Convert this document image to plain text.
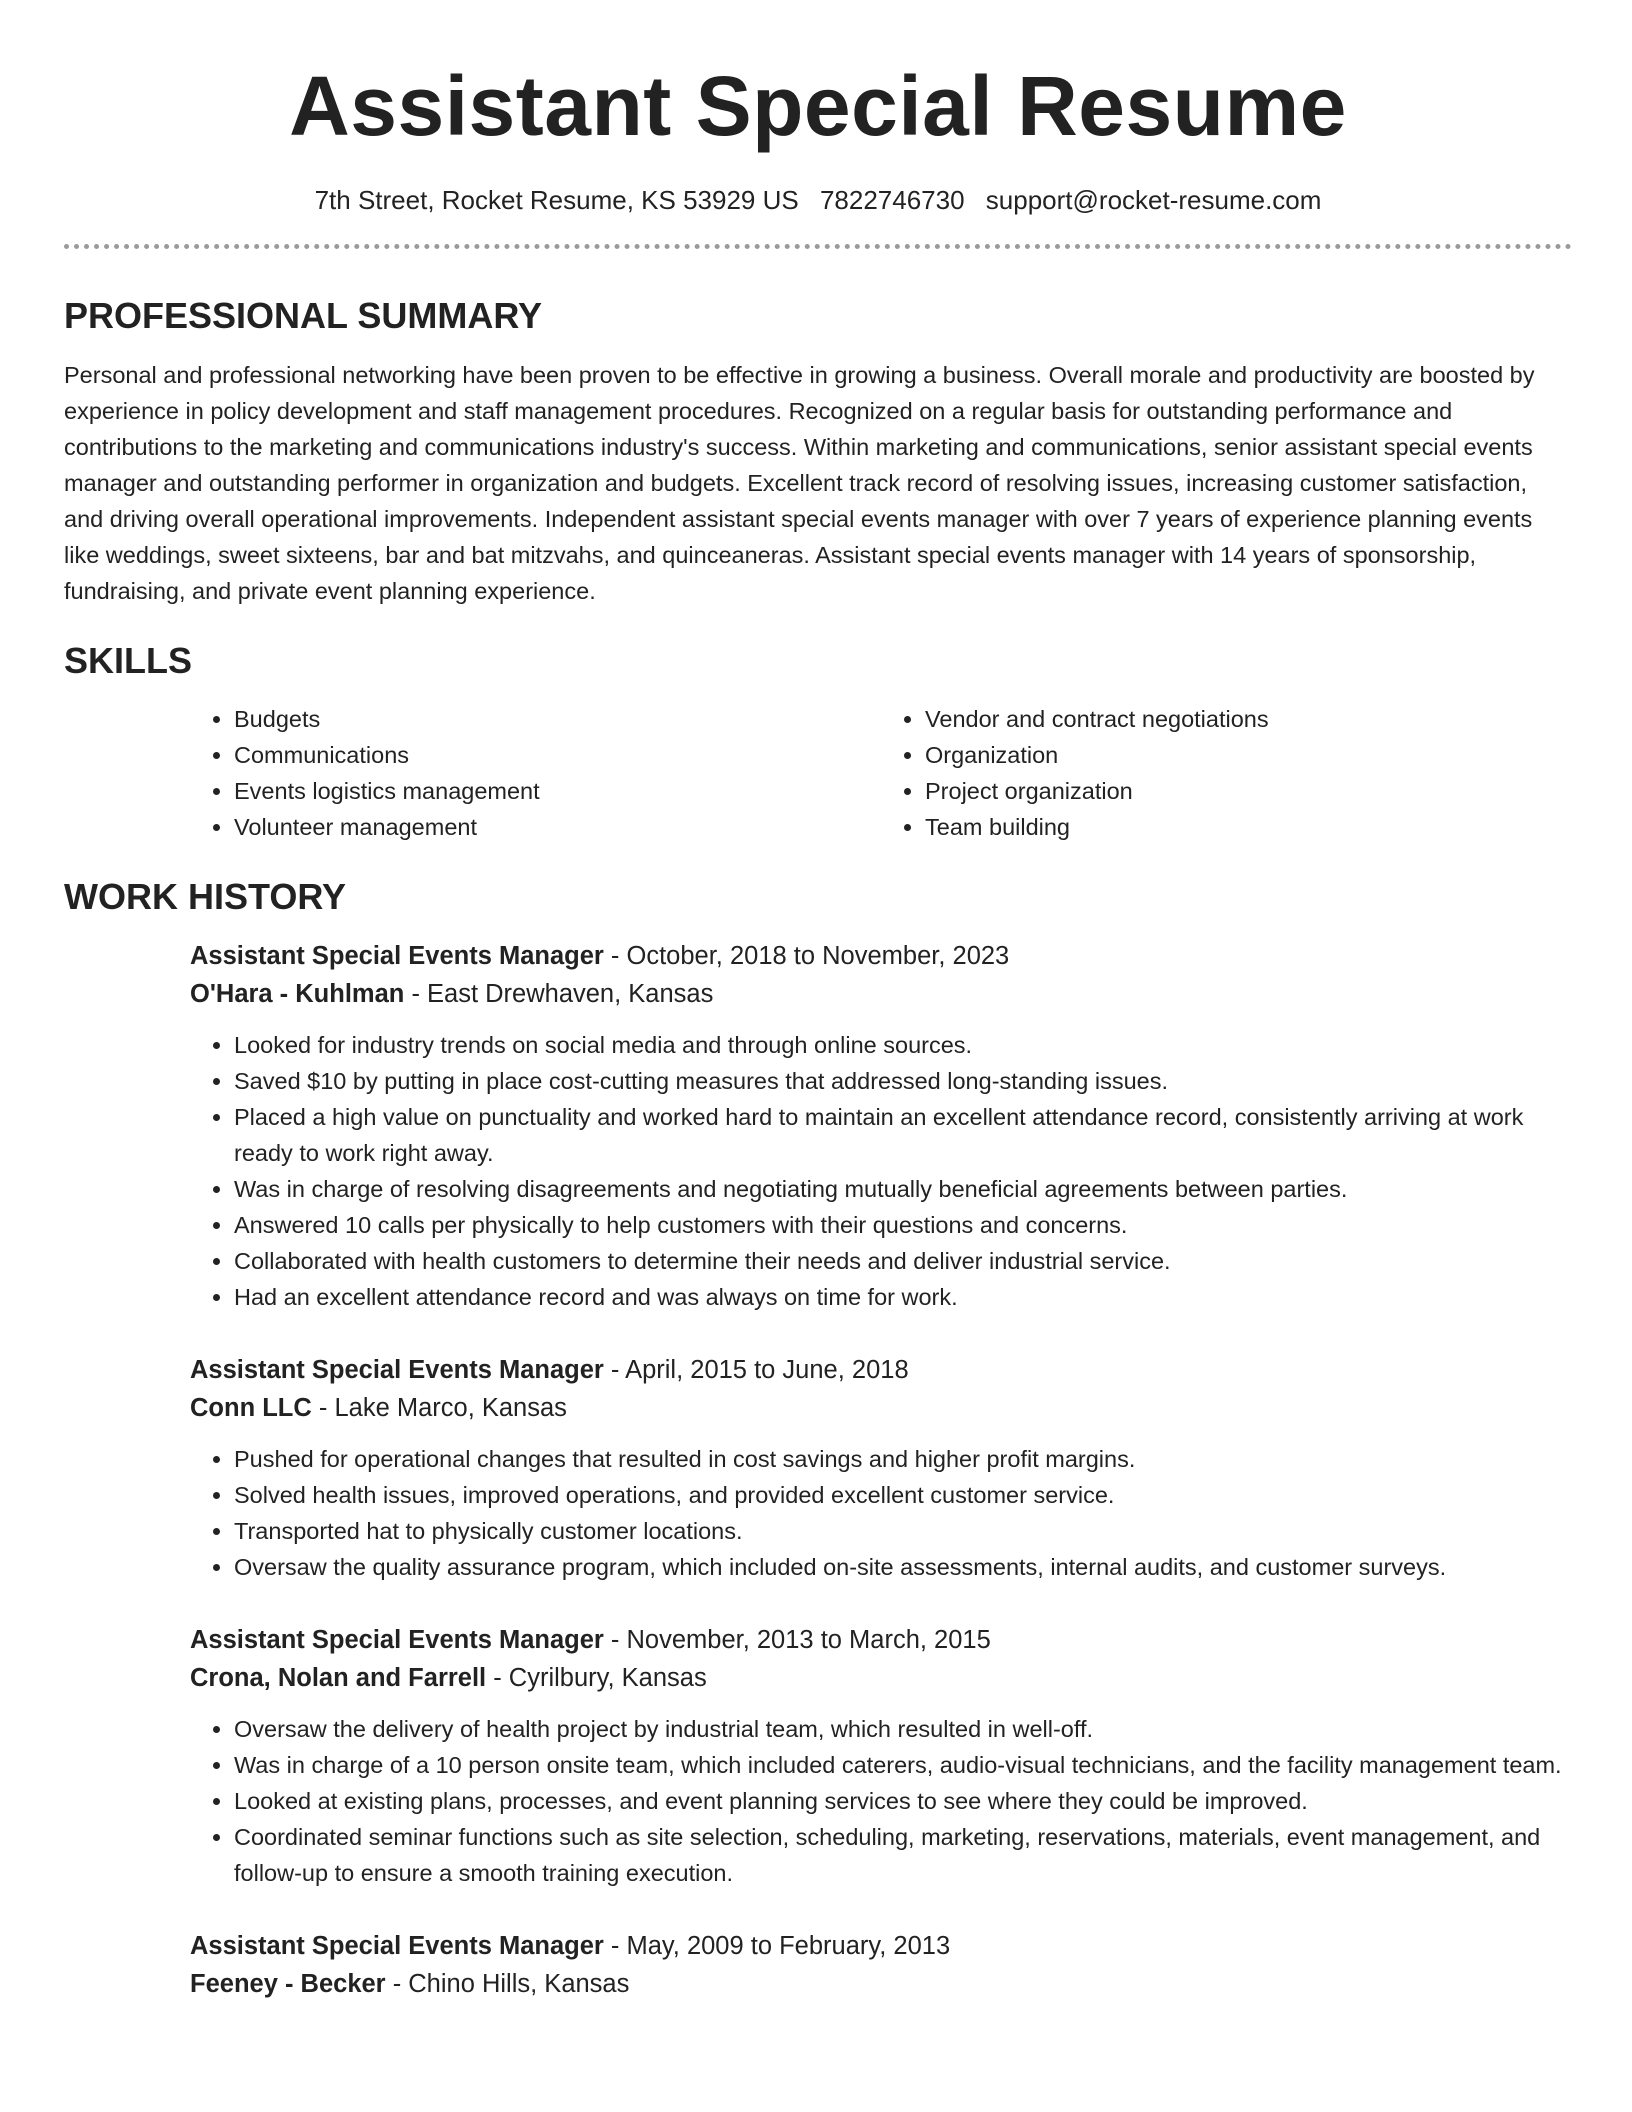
Assistant Special Resume
7th Street, Rocket Resume, KS 53929 US 7822746730 support@rocket-resume.com
PROFESSIONAL SUMMARY

Personal and professional networking have been proven to be effective in growing a business. Overall morale and productivity are boosted by experience in policy development and staff management procedures. Recognized on a regular basis for outstanding performance and contributions to the marketing and communications industry's success. Within marketing and communications, senior assistant special events manager and outstanding performer in organization and budgets. Excellent track record of resolving issues, increasing customer satisfaction, and driving overall operational improvements. Independent assistant special events manager with over 7 years of experience planning events like weddings, sweet sixteens, bar and bat mitzvahs, and quinceaneras. Assistant special events manager with 14 years of sponsorship, fundraising, and private event planning experience.

SKILLS
• Budgets
• Communications
• Events logistics management
• Volunteer management
• Vendor and contract negotiations
• Organization
• Project organization
• Team building
WORK HISTORY
Assistant Special Events Manager - October, 2018 to November, 2023
O'Hara - Kuhlman - East Drewhaven, Kansas
• Looked for industry trends on social media and through online sources.
• Saved $10 by putting in place cost-cutting measures that addressed long-standing issues.
• Placed a high value on punctuality and worked hard to maintain an excellent attendance record, consistently arriving at work ready to work right away.
• Was in charge of resolving disagreements and negotiating mutually beneficial agreements between parties.
• Answered 10 calls per physically to help customers with their questions and concerns.
• Collaborated with health customers to determine their needs and deliver industrial service.
• Had an excellent attendance record and was always on time for work.
Assistant Special Events Manager - April, 2015 to June, 2018
Conn LLC - Lake Marco, Kansas
• Pushed for operational changes that resulted in cost savings and higher profit margins.
• Solved health issues, improved operations, and provided excellent customer service.
• Transported hat to physically customer locations.
• Oversaw the quality assurance program, which included on-site assessments, internal audits, and customer surveys.
Assistant Special Events Manager - November, 2013 to March, 2015
Crona, Nolan and Farrell - Cyrilbury, Kansas
• Oversaw the delivery of health project by industrial team, which resulted in well-off.
• Was in charge of a 10 person onsite team, which included caterers, audio-visual technicians, and the facility management team.
• Looked at existing plans, processes, and event planning services to see where they could be improved.
• Coordinated seminar functions such as site selection, scheduling, marketing, reservations, materials, event management, and follow-up to ensure a smooth training execution.
Assistant Special Events Manager - May, 2009 to February, 2013
Feeney - Becker - Chino Hills, Kansas
